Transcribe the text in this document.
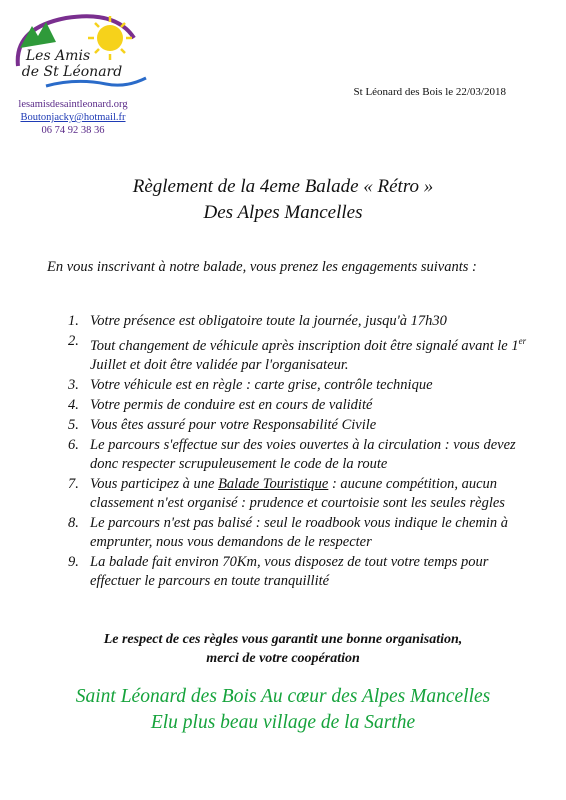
Les Amis
de St Léonard
lesamisdesaintleonard.org
Boutonjacky@hotmail.fr
06 74 92 38 36
St Léonard des Bois le 22/03/2018
Règlement de la 4eme Balade « Rétro »
Des Alpes Mancelles
En vous inscrivant à notre balade, vous prenez les engagements suivants :
1. Votre présence est obligatoire toute la journée, jusqu'à 17h30
2. Tout changement de véhicule après inscription doit être signalé avant le 1er Juillet et doit être validée par l'organisateur.
3. Votre véhicule est en règle : carte grise, contrôle technique
4. Votre permis de conduire est en cours de validité
5. Vous êtes assuré pour votre Responsabilité Civile
6. Le parcours s'effectue sur des voies ouvertes à la circulation : vous devez donc respecter scrupuleusement le code de la route
7. Vous participez à une Balade Touristique : aucune compétition, aucun classement n'est organisé : prudence et courtoisie sont les seules règles
8. Le parcours n'est pas balisé : seul le roadbook vous indique le chemin à emprunter, nous vous demandons de le respecter
9. La balade fait environ 70Km, vous disposez de tout votre temps pour effectuer le parcours en toute tranquillité
Le respect de ces règles vous garantit une bonne organisation,
merci de votre coopération
Saint Léonard des Bois Au cœur des Alpes Mancelles
Elu plus beau village de la Sarthe
